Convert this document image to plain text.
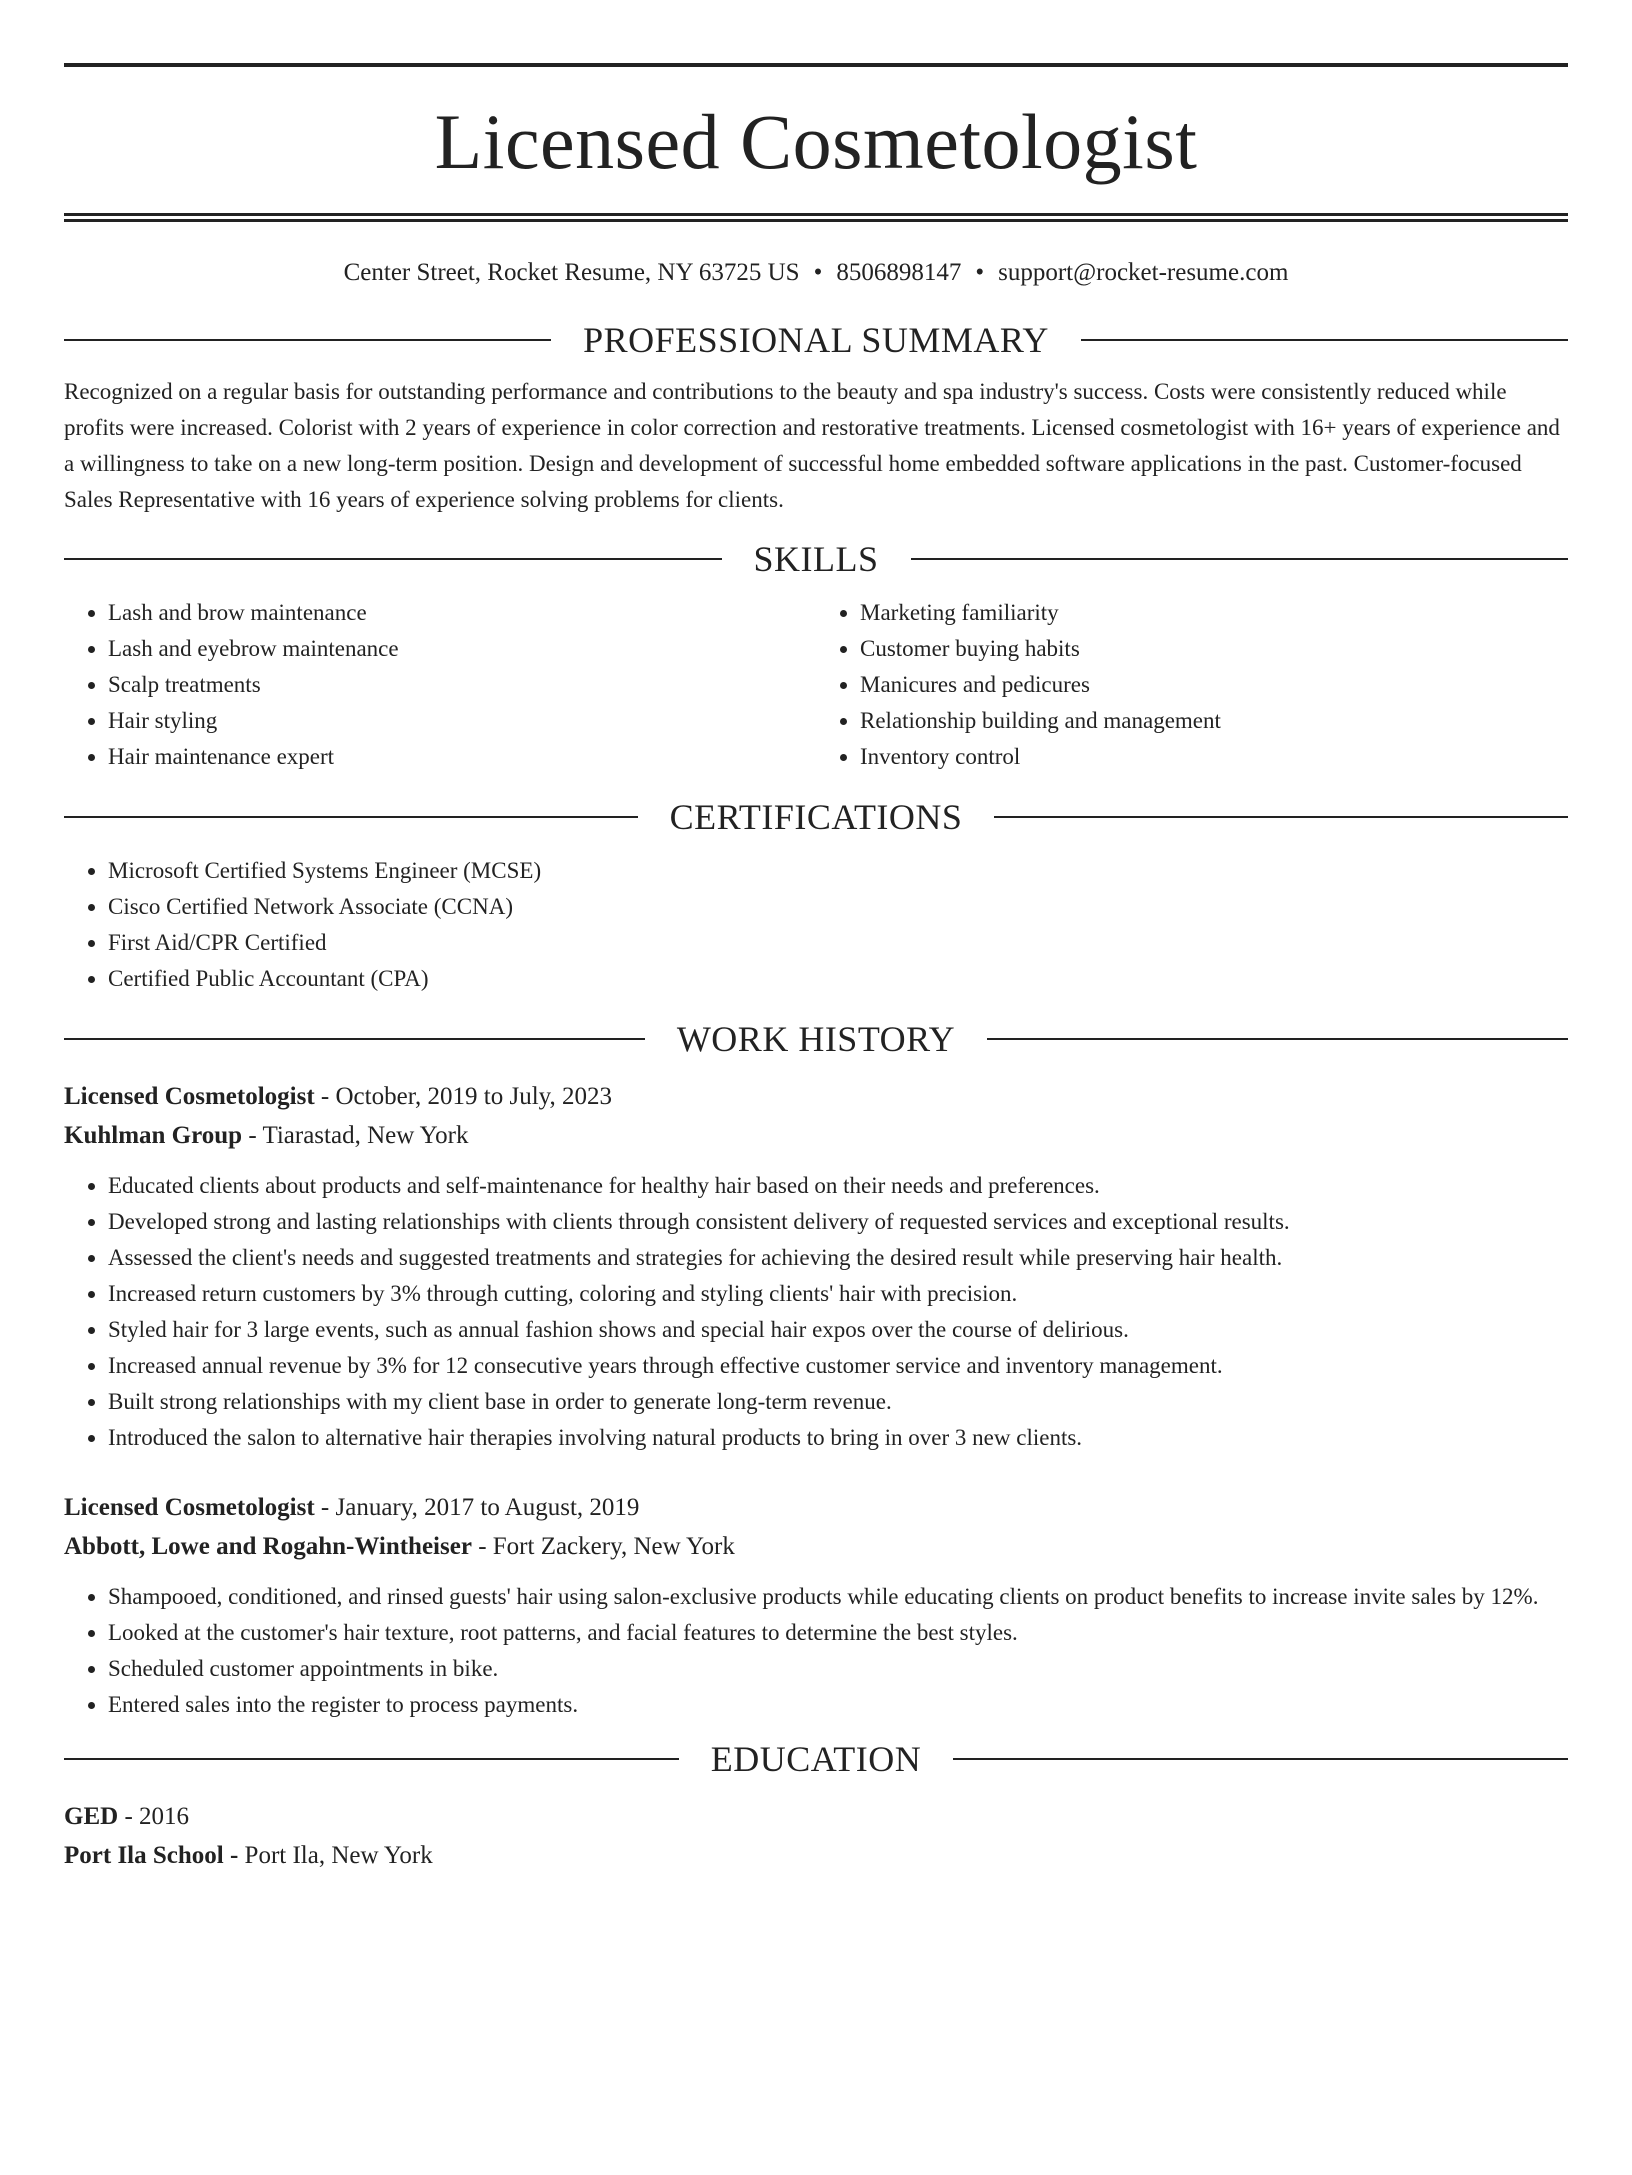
Licensed Cosmetologist
Center Street, Rocket Resume, NY 63725 US • 8506898147 • support@rocket-resume.com
PROFESSIONAL SUMMARY

Recognized on a regular basis for outstanding performance and contributions to the beauty and spa industry's success. Costs were consistently reduced while profits were increased. Colorist with 2 years of experience in color correction and restorative treatments. Licensed cosmetologist with 16+ years of experience and a willingness to take on a new long-term position. Design and development of successful home embedded software applications in the past. Customer-focused Sales Representative with 16 years of experience solving problems for clients.

SKILLS
• Lash and brow maintenance
• Lash and eyebrow maintenance
• Scalp treatments
• Hair styling
• Hair maintenance expert
• Marketing familiarity
• Customer buying habits
• Manicures and pedicures
• Relationship building and management
• Inventory control
CERTIFICATIONS
• Microsoft Certified Systems Engineer (MCSE)
• Cisco Certified Network Associate (CCNA)
• First Aid/CPR Certified
• Certified Public Accountant (CPA)
WORK HISTORY
Licensed Cosmetologist - October, 2019 to July, 2023
Kuhlman Group - Tiarastad, New York
• Educated clients about products and self-maintenance for healthy hair based on their needs and preferences.
• Developed strong and lasting relationships with clients through consistent delivery of requested services and exceptional results.
• Assessed the client's needs and suggested treatments and strategies for achieving the desired result while preserving hair health.
• Increased return customers by 3% through cutting, coloring and styling clients' hair with precision.
• Styled hair for 3 large events, such as annual fashion shows and special hair expos over the course of delirious.
• Increased annual revenue by 3% for 12 consecutive years through effective customer service and inventory management.
• Built strong relationships with my client base in order to generate long-term revenue.
• Introduced the salon to alternative hair therapies involving natural products to bring in over 3 new clients.
Licensed Cosmetologist - January, 2017 to August, 2019
Abbott, Lowe and Rogahn-Wintheiser - Fort Zackery, New York
• Shampooed, conditioned, and rinsed guests' hair using salon-exclusive products while educating clients on product benefits to increase invite sales by 12%.
• Looked at the customer's hair texture, root patterns, and facial features to determine the best styles.
• Scheduled customer appointments in bike.
• Entered sales into the register to process payments.
EDUCATION
GED - 2016
Port Ila School - Port Ila, New York
